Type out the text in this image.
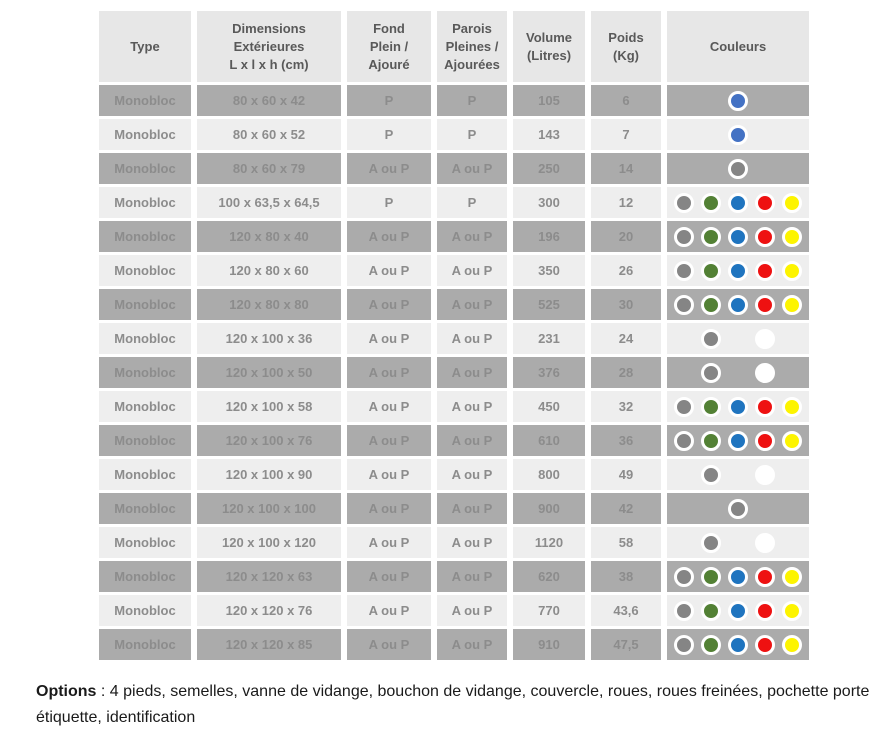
Type	Dimensions
Extérieures
L x l x h (cm)	Fond
Plein /
Ajouré	Parois
Pleines /
Ajourées	Volume
(Litres)	Poids
(Kg)	Couleurs
Monobloc	80 x 60 x 42	P	P	105	6	

Monobloc	80 x 60 x 52	P	P	143	7	

Monobloc	80 x 60 x 79	A ou P	A ou P	250	14	

Monobloc	100 x 63,5 x 64,5	P	P	300	12	

Monobloc	120 x 80 x 40	A ou P	A ou P	196	20	

Monobloc	120 x 80 x 60	A ou P	A ou P	350	26	

Monobloc	120 x 80 x 80	A ou P	A ou P	525	30	

Monobloc	120 x 100 x 36	A ou P	A ou P	231	24	

Monobloc	120 x 100 x 50	A ou P	A ou P	376	28	

Monobloc	120 x 100 x 58	A ou P	A ou P	450	32	

Monobloc	120 x 100 x 76	A ou P	A ou P	610	36	

Monobloc	120 x 100 x 90	A ou P	A ou P	800	49	

Monobloc	120 x 100 x 100	A ou P	A ou P	900	42	

Monobloc	120 x 100 x 120	A ou P	A ou P	1120	58	

Monobloc	120 x 120 x 63	A ou P	A ou P	620	38	

Monobloc	120 x 120 x 76	A ou P	A ou P	770	43,6	

Monobloc	120 x 120 x 85	A ou P	A ou P	910	47,5	

Options : 4 pieds, semelles, vanne de vidange, bouchon de vidange, couvercle, roues, roues freinées, pochette porte étiquette, identification
